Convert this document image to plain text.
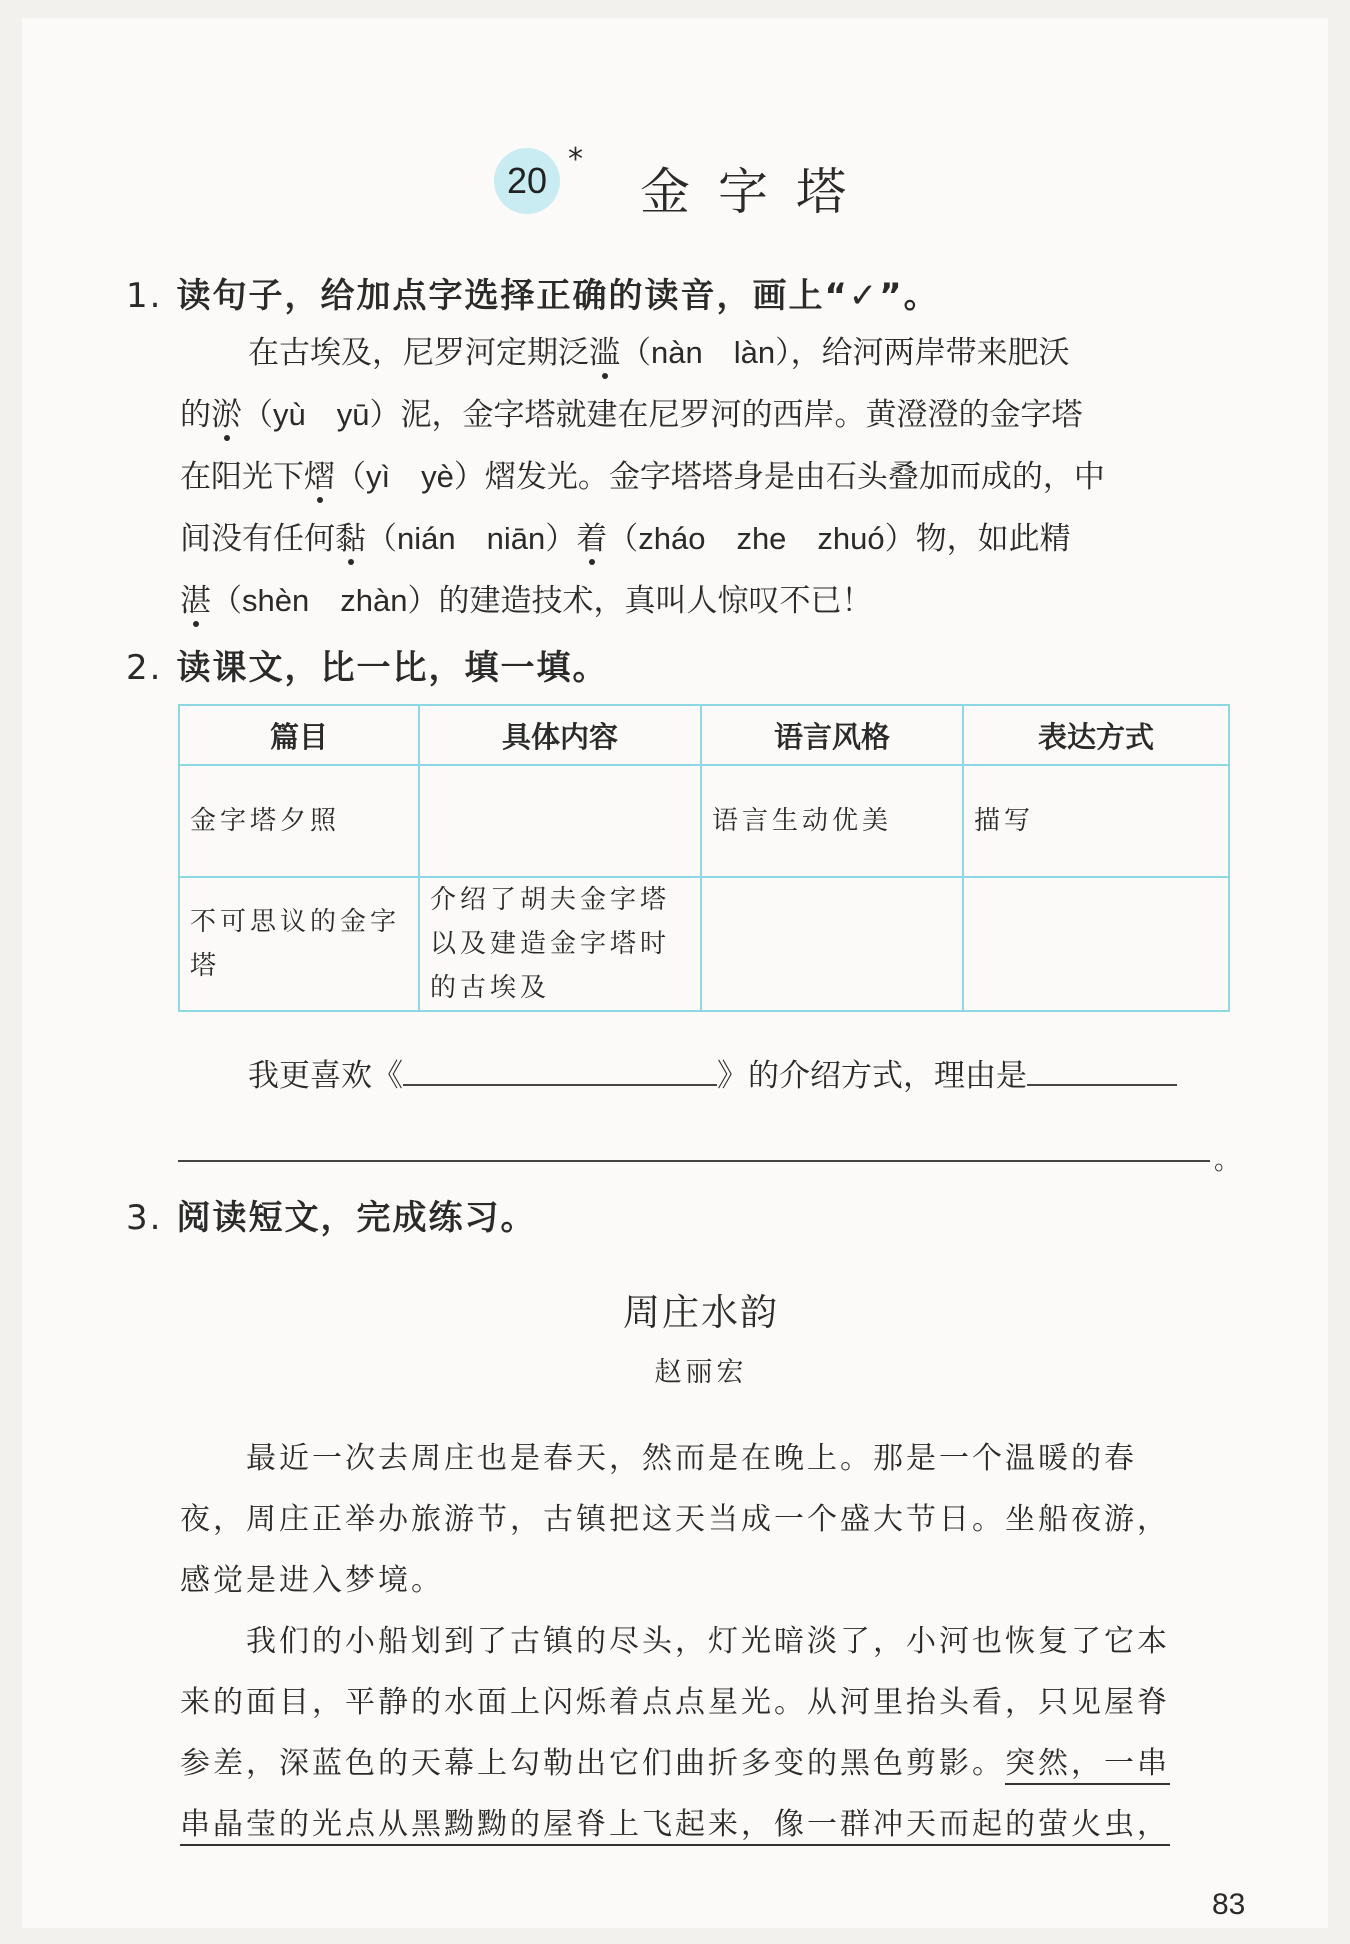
20
*
金字塔
1. 读句子，给加点字选择正确的读音，画上“✓”。
在古埃及，尼罗河定期泛滥（nàn　làn），给河两岸带来肥沃
的淤（yù　yū）泥，金字塔就建在尼罗河的西岸。黄澄澄的金字塔
在阳光下熠（yì　yè）熠发光。金字塔塔身是由石头叠加而成的，中
间没有任何黏（nián　niān）着（zháo　zhe　zhuó）物，如此精
湛（shèn　zhàn）的建造技术，真叫人惊叹不已！
2. 读课文，比一比，填一填。
篇目	具体内容	语言风格	表达方式
金字塔夕照		语言生动优美	描写
不可思议的金字塔	介绍了胡夫金字塔以及建造金字塔时的古埃及		
我更喜欢《	》的介绍方式，理由是
。
3. 阅读短文，完成练习。
周庄水韵
赵丽宏
　　最近一次去周庄也是春天，然而是在晚上。那是一个温暖的春
夜，周庄正举办旅游节，古镇把这天当成一个盛大节日。坐船夜游，
感觉是进入梦境。
　　我们的小船划到了古镇的尽头，灯光暗淡了，小河也恢复了它本
来的面目，平静的水面上闪烁着点点星光。从河里抬头看，只见屋脊
参差，深蓝色的天幕上勾勒出它们曲折多变的黑色剪影。突然，一串
串晶莹的光点从黑黝黝的屋脊上飞起来，像一群冲天而起的萤火虫，
83
